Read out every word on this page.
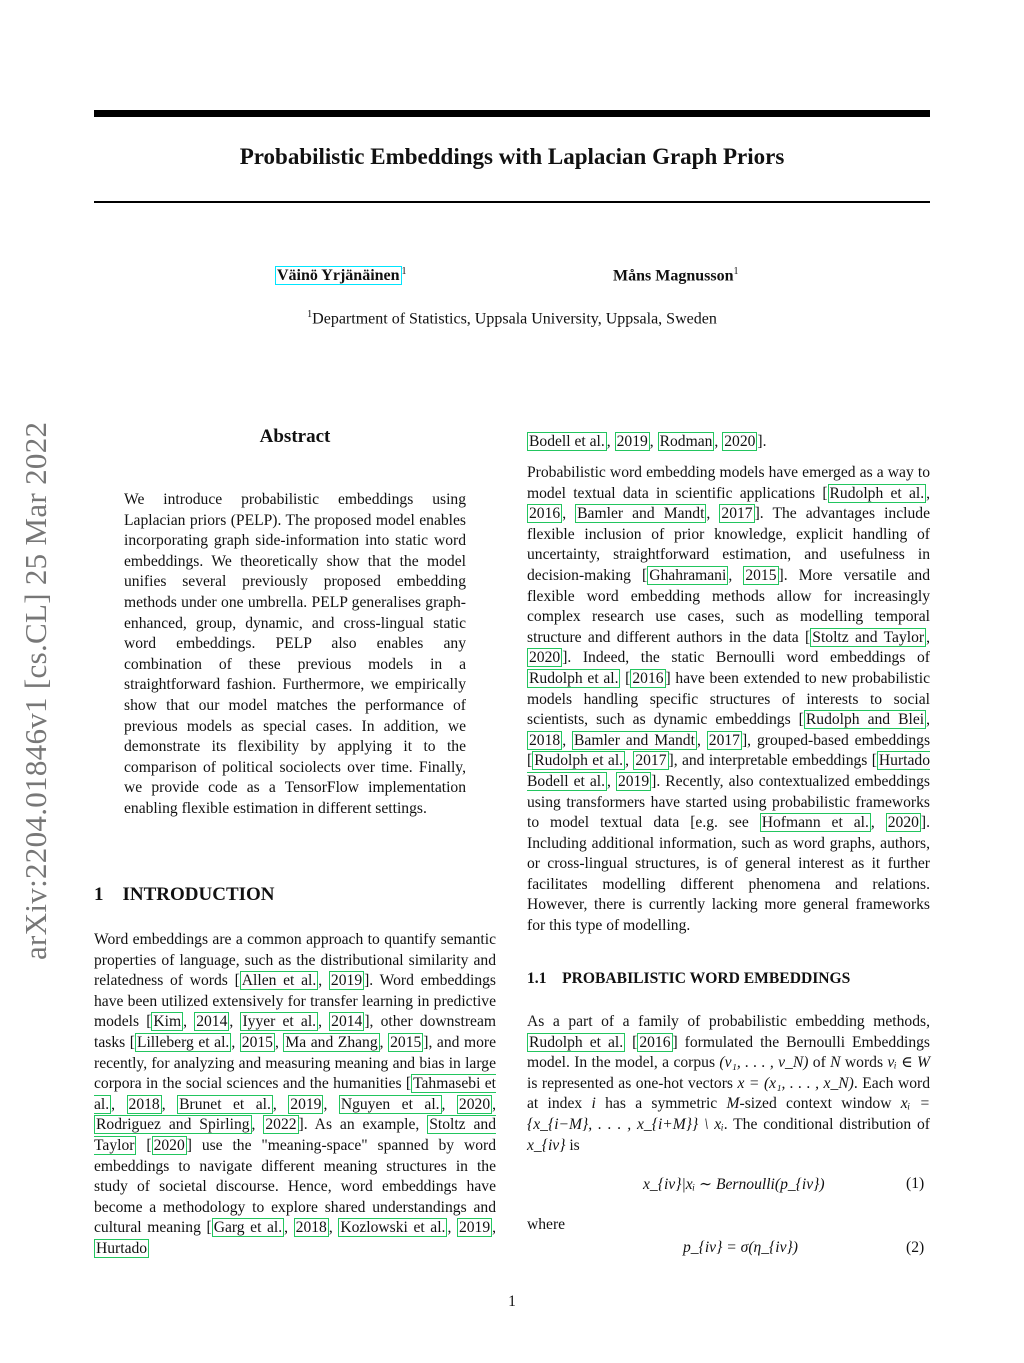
Probabilistic Embeddings with Laplacian Graph Priors
Väinö Yrjänäinen $^1$	Måns Magnusson$^1$
$^1$Department of Statistics, Uppsala University, Uppsala, Sweden
arXiv:2204.01846v1 [cs.CL] 25 Mar 2022	Abstract
We introduce probabilistic embeddings using Laplacian priors (PELP). The proposed model enables incorporating graph side-information into static word embeddings. We theoretically show that the model unifies several previously proposed embedding methods under one umbrella. PELP generalises graph-enhanced, group, dynamic, and cross-lingual static word embeddings. PELP also enables any combination of these previous models in a straightforward fashion. Furthermore, we empirically show that our model matches the performance of previous models as special cases. In addition, we demonstrate its flexibility by applying it to the comparison of political sociolects over time. Finally, we provide code as a TensorFlow implementation enabling flexible estimation in different settings.
1 INTRODUCTION
Word embeddings are a common approach to quantify semantic properties of language, such as the distributional similarity and relatedness of words [ Allen et al. , 2019 ]. Word embeddings have been utilized extensively for transfer learning in predictive models [ Kim , 2014 , Iyyer et al. , 2014 ], other downstream tasks [ Lilleberg et al. , 2015 , Ma and Zhang , 2015 ], and more recently, for analyzing and measuring meaning and bias in large corpora in the social sciences and the humanities [ Tahmasebi et al. , 2018 , Brunet et al. , 2019 , Nguyen et al. , 2020 , Rodriguez and Spirling , 2022 ]. As an example, Stoltz and Taylor [ 2020 ] use the "meaning-space" spanned by word embeddings to navigate different meaning structures in the study of societal discourse. Hence, word embeddings have become a methodology to explore shared understandings and cultural meaning [ Garg et al. , 2018 , Kozlowski et al. , 2019 , Hurtado
Bodell et al. , 2019 , Rodman , 2020 ].
Probabilistic word embedding models have emerged as a way to model textual data in scientific applications [ Rudolph et al. , 2016 , Bamler and Mandt , 2017 ]. The advantages include flexible inclusion of prior knowledge, explicit handling of uncertainty, straightforward estimation, and usefulness in decision-making [ Ghahramani , 2015 ]. More versatile and flexible word embedding methods allow for increasingly complex research use cases, such as modelling temporal structure and different authors in the data [ Stoltz and Taylor , 2020 ]. Indeed, the static Bernoulli word embeddings of Rudolph et al. [ 2016 ] have been extended to new probabilistic models handling specific structures of interests to social scientists, such as dynamic embeddings [ Rudolph and Blei , 2018 , Bamler and Mandt , 2017 ], grouped-based embeddings [ Rudolph et al. , 2017 ], and interpretable embeddings [ Hurtado Bodell et al. , 2019 ]. Recently, also contextualized embeddings using transformers have started using probabilistic frameworks to model textual data [e.g. see Hofmann et al. , 2020 ]. Including additional information, such as word graphs, authors, or cross-lingual structures, is of general interest as it further facilitates modelling different phenomena and relations. However, there is currently lacking more general frameworks for this type of modelling.
1.1 PROBABILISTIC WORD EMBEDDINGS
As a part of a family of probabilistic embedding methods, Rudolph et al. [ 2016 ] formulated the Bernoulli Embeddings model. In the model, a corpus (v₁, . . . , v_N) of N words vᵢ ∈ W is represented as one-hot vectors x = (x₁, . . . , x_N). Each word at index i has a symmetric M-sized context window xᵢ = {x_{i−M}, . . . , x_{i+M}} \ xᵢ. The conditional distribution of x_{iv} is
x_{iv}|xᵢ ∼ Bernoulli(p_{iv})	(1)
where
p_{iv} = σ(η_{iv})	(2)
1
